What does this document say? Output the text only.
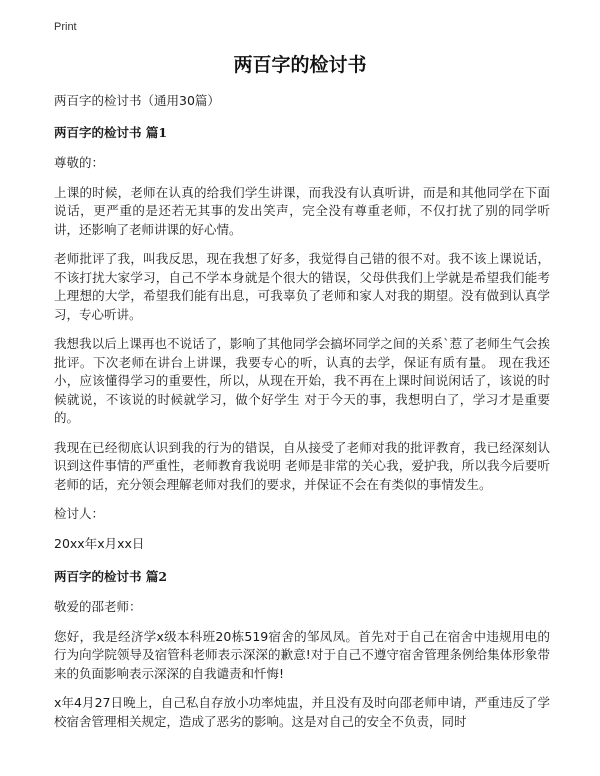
Print
两百字的检讨书
两百字的检讨书（通用30篇）
两百字的检讨书 篇1

尊敬的：

上课的时候，老师在认真的给我们学生讲课，而我没有认真听讲，而是和其他同学在下面说话，更严重的是还若无其事的发出笑声，完全没有尊重老师，不仅打扰了别的同学听讲，还影响了老师讲课的好心情。

老师批评了我，叫我反思，现在我想了好多，我觉得自己错的很不对。我不该上课说话，不该打扰大家学习，自己不学本身就是个很大的错误，父母供我们上学就是希望我们能考上理想的大学，希望我们能有出息，可我辜负了老师和家人对我的期望。没有做到认真学习，专心听讲。

我想我以后上课再也不说话了，影响了其他同学会搞坏同学之间的关系`惹了老师生气会挨批评。下次老师在讲台上讲课，我要专心的听，认真的去学，保证有质有量。 现在我还小，应该懂得学习的重要性，所以，从现在开始，我不再在上课时间说闲话了，该说的时候就说，不该说的时候就学习，做个好学生 对于今天的事，我想明白了，学习才是重要的。

我现在已经彻底认识到我的行为的错误，自从接受了老师对我的批评教育，我已经深刻认识到这件事情的严重性，老师教育我说明 老师是非常的关心我，爱护我，所以我今后要听老师的话，充分领会理解老师对我们的要求，并保证不会在有类似的事情发生。

检讨人：

20xx年x月xx日

两百字的检讨书 篇2

敬爱的邵老师：

您好，我是经济学x级本科班20栋519宿舍的邹凤凤。首先对于自己在宿舍中违规用电的行为向学院领导及宿管科老师表示深深的歉意!对于自己不遵守宿舍管理条例给集体形象带来的负面影响表示深深的自我谴责和忏悔!

x年4月27日晚上，自己私自存放小功率炖盅，并且没有及时向邵老师申请，严重违反了学校宿舍管理相关规定，造成了恶劣的影响。这是对自己的安全不负责，同时
